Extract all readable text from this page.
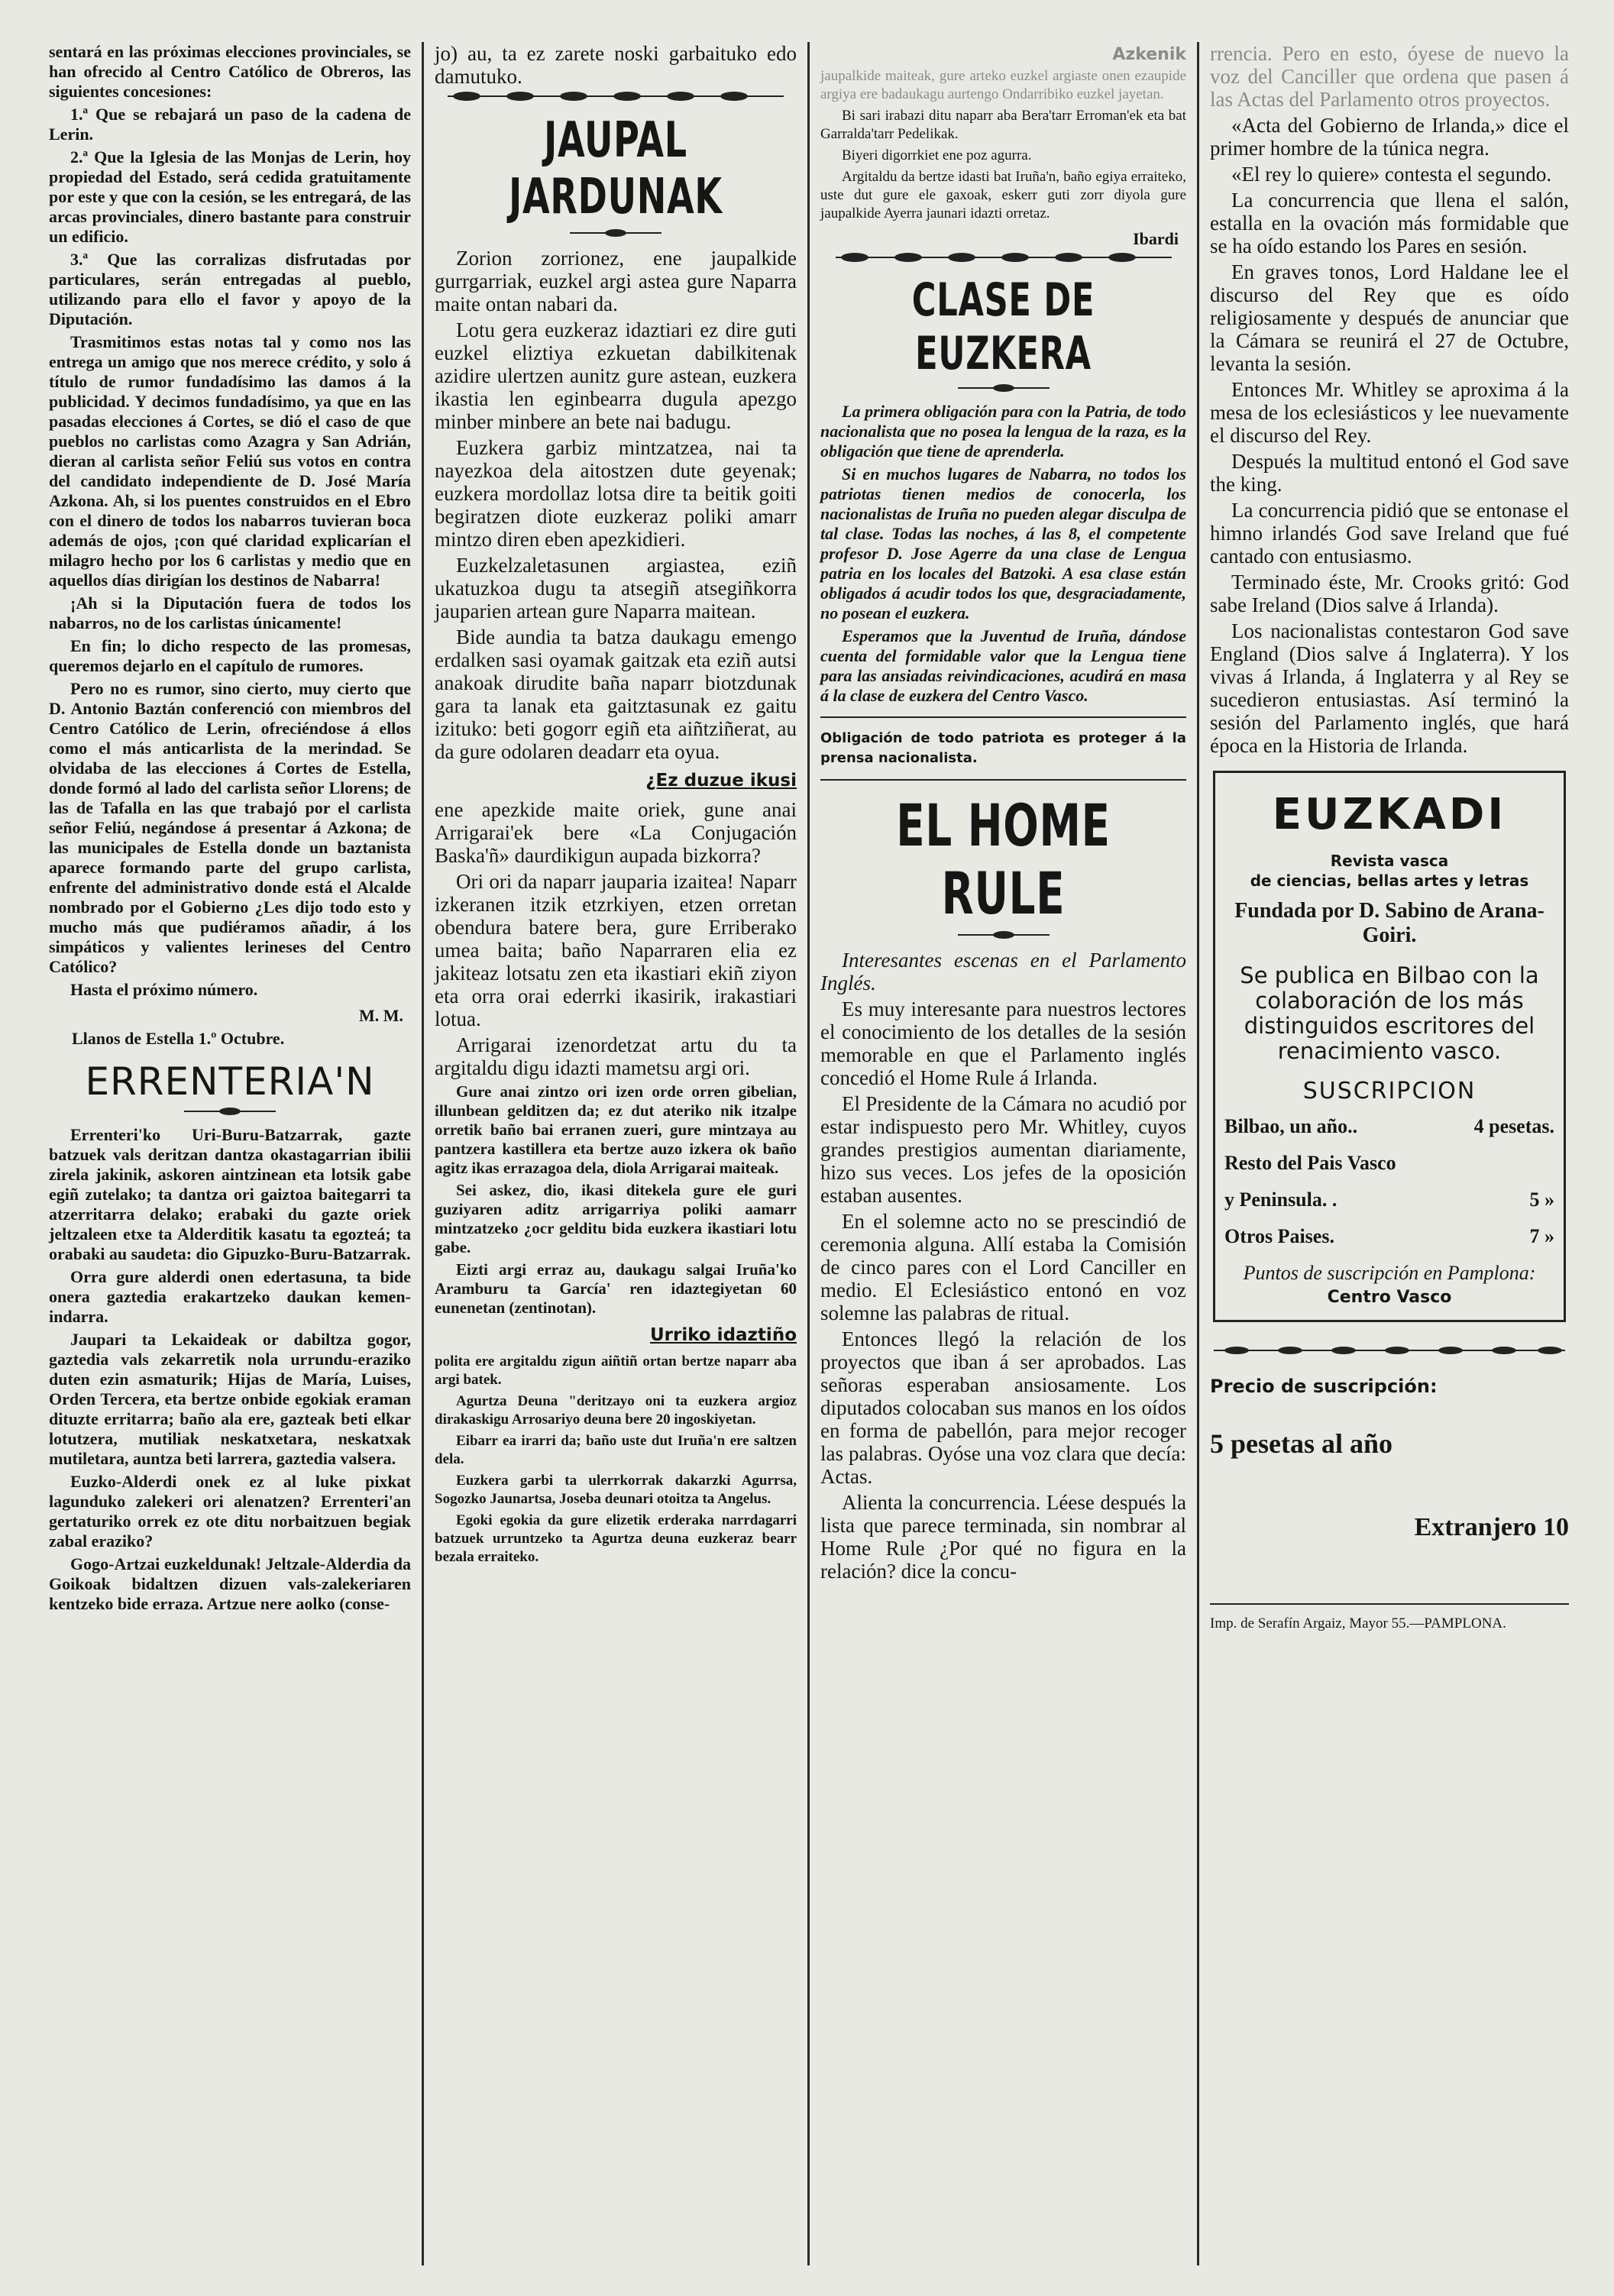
sentará en las próximas elecciones provinciales, se han ofrecido al Centro Católico de Obreros, las siguientes concesiones:

1.ª Que se rebajará un paso de la cadena de Lerin.

2.ª Que la Iglesia de las Monjas de Lerin, hoy propiedad del Estado, será cedida gratuitamente por este y que con la cesión, se les entregará, de las arcas provinciales, dinero bastante para construir un edificio.

3.ª Que las corralizas disfrutadas por particulares, serán entregadas al pueblo, utilizando para ello el favor y apoyo de la Diputación.

Trasmitimos estas notas tal y como nos las entrega un amigo que nos merece crédito, y solo á título de rumor fundadísimo las damos á la publicidad. Y decimos fundadísimo, ya que en las pasadas elecciones á Cortes, se dió el caso de que pueblos no carlistas como Azagra y San Adrián, dieran al carlista señor Feliú sus votos en contra del candidato independiente de D. José María Azkona. Ah, si los puentes construidos en el Ebro con el dinero de todos los nabarros tuvieran boca además de ojos, ¡con qué claridad explicarían el milagro hecho por los 6 carlistas y medio que en aquellos días dirigían los destinos de Nabarra!

¡Ah si la Diputación fuera de todos los nabarros, no de los carlistas únicamente!

En fin; lo dicho respecto de las promesas, queremos dejarlo en el capítulo de rumores.

Pero no es rumor, sino cierto, muy cierto que D. Antonio Baztán conferenció con miembros del Centro Católico de Lerin, ofreciéndose á ellos como el más anticarlista de la merindad. Se olvidaba de las elecciones á Cortes de Estella, donde formó al lado del carlista señor Llorens; de las de Tafalla en las que trabajó por el carlista señor Feliú, negándose á presentar á Azkona; de las municipales de Estella donde un baztanista aparece formando parte del grupo carlista, enfrente del administrativo donde está el Alcalde nombrado por el Gobierno ¿Les dijo todo esto y mucho más que pudiéramos añadir, á los simpáticos y valientes lerineses del Centro Católico?

Hasta el próximo número.

M. M.
Llanos de Estella 1.º Octubre.
ERRENTERIA'N

Errenteri'ko Uri-Buru-Batzarrak, gazte batzuek vals deritzan dantza okastagarrian ibilii zirela jakinik, askoren aintzinean eta lotsik gabe egiñ zutelako; ta dantza ori gaiztoa baitegarri ta atzerritarra delako; erabaki du gazte oriek jeltzaleen etxe ta Alderditik kasatu ta egozteá; ta orabaki au saudeta: dio Gipuzko-Buru-Batzarrak.

Orra gure alderdi onen edertasuna, ta bide onera gaztedia erakartzeko daukan kemen-indarra.

Jaupari ta Lekaideak or dabiltza gogor, gaztedia vals zekarretik nola urrundu-eraziko duten ezin asmaturik; Hijas de María, Luises, Orden Tercera, eta bertze onbide egokiak eraman dituzte erritarra; baño ala ere, gazteak beti elkar lotutzera, mutiliak neskatxetara, neskatxak mutiletara, auntza beti larrera, gaztedia valsera.

Euzko-Alderdi onek ez al luke pixkat lagunduko zalekeri ori alenatzen? Errenteri'an gertaturiko orrek ez ote ditu norbaitzuen begiak zabal eraziko?

Gogo-Artzai euzkeldunak! Jeltzale-Alderdia da Goikoak bidaltzen dizuen vals-zalekeriaren kentzeko bide erraza. Artzue nere aolko (conse-

jo) au, ta ez zarete noski garbaituko edo damutuko.

JAUPAL JARDUNAK

Zorion zorrionez, ene jaupalkide gurrgarriak, euzkel argi astea gure Naparra maite ontan nabari da.

Lotu gera euzkeraz idaztiari ez dire guti euzkel eliztiya ezkuetan dabilkitenak azidire ulertzen aunitz gure astean, euzkera ikastia len eginbearra dugula apezgo minber minbere an bete nai badugu.

Euzkera garbiz mintzatzea, nai ta nayezkoa dela aitostzen dute geyenak; euzkera mordollaz lotsa dire ta beitik goiti begiratzen diote euzkeraz poliki amarr mintzo diren eben apezkidieri.

Euzkelzaletasunen argiastea, eziñ ukatuzkoa dugu ta atsegiñ atsegiñkorra jauparien artean gure Naparra maitean.

Bide aundia ta batza daukagu emengo erdalken sasi oyamak gaitzak eta eziñ autsi anakoak dirudite baña naparr biotzdunak gara ta lanak eta gaitztasunak ez gaitu izituko: beti gogorr egiñ eta aiñtziñerat, au da gure odolaren deadarr eta oyua.

¿Ez duzue ikusi

ene apezkide maite oriek, gune anai Arrigarai'ek bere «La Conjugación Baska'ñ» daurdikigun aupada bizkorra?

Ori ori da naparr jauparia izaitea! Naparr izkeranen itzik etzrkiyen, etzen orretan obendura batere bera, gure Erriberako umea baita; baño Naparraren elia ez jakiteaz lotsatu zen eta ikastiari ekiñ ziyon eta orra orai ederrki ikasirik, irakastiari lotua.

Arrigarai izenordetzat artu du ta argitaldu digu idazti mametsu argi ori.

Gure anai zintzo ori izen orde orren gibelian, illunbean gelditzen da; ez dut ateriko nik itzalpe orretik baño bai erranen zueri, gure mintzaya au pantzera kastillera eta bertze auzo izkera ok baño agitz ikas errazagoa dela, diola Arrigarai maiteak.

Sei askez, dio, ikasi ditekela gure ele guri guziyaren aditz arrigarriya poliki aamarr mintzatzeko ¿ocr gelditu bida euzkera ikastiari lotu gabe.

Eizti argi erraz au, daukagu salgai Iruña'ko Aramburu ta García' ren idaztegiyetan 60 eunenetan (zentinotan).

Urriko idaztiño

polita ere argitaldu zigun aiñtiñ ortan bertze naparr aba argi batek.

Agurtza Deuna "deritzayo oni ta euzkera argioz dirakaskigu Arrosariyo deuna bere 20 ingoskiyetan.

Eibarr ea irarri da; baño uste dut Iruña'n ere saltzen dela.

Euzkera garbi ta ulerrkorrak dakarzki Agurrsa, Sogozko Jaunartsa, Joseba deunari otoitza ta Angelus.

Egoki egokia da gure elizetik erderaka narrdagarri batzuek urruntzeko ta Agurtza deuna euzkeraz bearr bezala erraiteko.

Azkenik

jaupalkide maiteak, gure arteko euzkel argiaste onen ezaupide argiya ere badaukagu aurtengo Ondarribiko euzkel jayetan.

Bi sari irabazi ditu naparr aba Bera'tarr Erroman'ek eta bat Garralda'tarr Pedelikak.

Biyeri digorrkiet ene poz agurra.

Argitaldu da bertze idasti bat Iruña'n, baño egiya erraiteko, uste dut gure ele gaxoak, eskerr guti zorr diyola gure jaupalkide Ayerra jaunari idazti orretaz.

Ibardi
CLASE DE EUZKERA

La primera obligación para con la Patria, de todo nacionalista que no posea la lengua de la raza, es la obligación que tiene de aprenderla.

Si en muchos lugares de Nabarra, no todos los patriotas tienen medios de conocerla, los nacionalistas de Iruña no pueden alegar disculpa de tal clase. Todas las noches, á las 8, el competente profesor D. Jose Agerre da una clase de Lengua patria en los locales del Batzoki. A esa clase están obligados á acudir todos los que, desgraciadamente, no posean el euzkera.

Esperamos que la Juventud de Iruña, dándose cuenta del formidable valor que la Lengua tiene para las ansiadas reivindicaciones, acudirá en masa á la clase de euzkera del Centro Vasco.

Obligación de todo patriota es proteger á la prensa nacionalista.

EL HOME RULE

Interesantes escenas en el Parlamento Inglés.

Es muy interesante para nuestros lectores el conocimiento de los detalles de la sesión memorable en que el Parlamento inglés concedió el Home Rule á Irlanda.

El Presidente de la Cámara no acudió por estar indispuesto pero Mr. Whitley, cuyos grandes prestigios aumentan diariamente, hizo sus veces. Los jefes de la oposición estaban ausentes.

En el solemne acto no se prescindió de ceremonia alguna. Allí estaba la Comisión de cinco pares con el Lord Canciller en medio. El Eclesiástico entonó en voz solemne las palabras de ritual.

Entonces llegó la relación de los proyectos que iban á ser aprobados. Las señoras esperaban ansiosamente. Los diputados colocaban sus manos en los oídos en forma de pabellón, para mejor recoger las palabras. Oyóse una voz clara que decía: Actas.

Alienta la concurrencia. Léese después la lista que parece terminada, sin nombrar al Home Rule ¿Por qué no figura en la relación? dice la concu-

rrencia. Pero en esto, óyese de nuevo la voz del Canciller que ordena que pasen á las Actas del Parlamento otros proyectos.

«Acta del Gobierno de Irlanda,» dice el primer hombre de la túnica negra.

«El rey lo quiere» contesta el segundo.

La concurrencia que llena el salón, estalla en la ovación más formidable que se ha oído estando los Pares en sesión.

En graves tonos, Lord Haldane lee el discurso del Rey que es oído religiosamente y después de anunciar que la Cámara se reunirá el 27 de Octubre, levanta la sesión.

Entonces Mr. Whitley se aproxima á la mesa de los eclesiásticos y lee nuevamente el discurso del Rey.

Después la multitud entonó el God save the king.

La concurrencia pidió que se entonase el himno irlandés God save Ireland que fué cantado con entusiasmo.

Terminado éste, Mr. Crooks gritó: God sabe Ireland (Dios salve á Irlanda).

Los nacionalistas contestaron God save England (Dios salve á Inglaterra). Y los vivas á Irlanda, á Inglaterra y al Rey se sucedieron entusiastas. Así terminó la sesión del Parlamento inglés, que hará época en la Historia de Irlanda.

EUZKADI
Revista vasca
de ciencias, bellas artes y letras
Fundada por D. Sabino de Arana-Goiri.
Se publica en Bilbao con la colaboración de los más distinguidos escritores del renacimiento vasco.
SUSCRIPCION
Bilbao, un año..	4 pesetas.
Resto del Pais Vasco
y Peninsula. .	5 »
Otros Paises.	7 »
Puntos de suscripción en Pamplona: Centro Vasco
Precio de suscripción:
5 pesetas al año
Extranjero 10
Imp. de Serafín Argaiz, Mayor 55.—PAMPLONA.
